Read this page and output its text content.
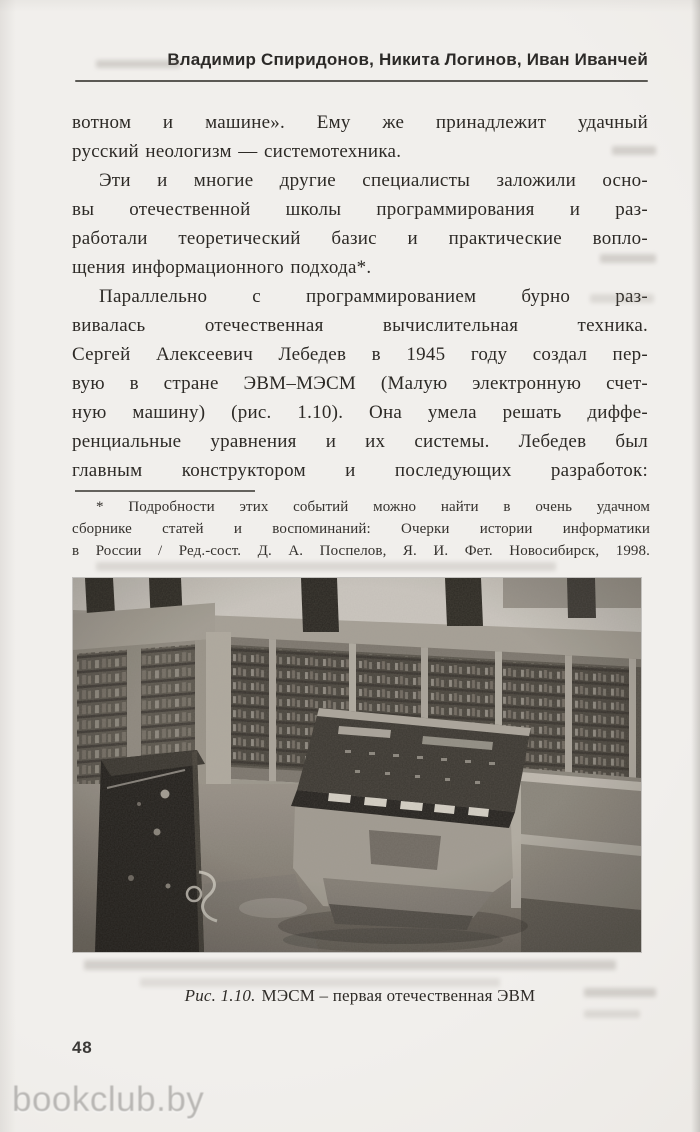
Владимир Спиридонов, Никита Логинов, Иван Иванчей
вотном и машине». Ему же принадлежит удачный
русский неологизм — системотехника.
Эти и многие другие специалисты заложили осно-
вы отечественной школы программирования и раз-
работали теоретический базис и практические вопло-
щения информационного подхода*.
Параллельно с программированием бурно раз-
вивалась отечественная вычислительная техника.
Сергей Алексеевич Лебедев в 1945 году создал пер-
вую в стране ЭВМ–МЭСМ (Малую электронную счет-
ную машину) (рис. 1.10). Она умела решать диффе-
ренциальные уравнения и их системы. Лебедев был
главным конструктором и последующих разработок:
* Подробности этих событий можно найти в очень удачном
сборнике статей и воспоминаний: Очерки истории информатики
в России / Ред.-сост. Д. А. Поспелов, Я. И. Фет. Новосибирск, 1998.
Рис. 1.10. МЭСМ – первая отечественная ЭВМ
48
bookclub.by
